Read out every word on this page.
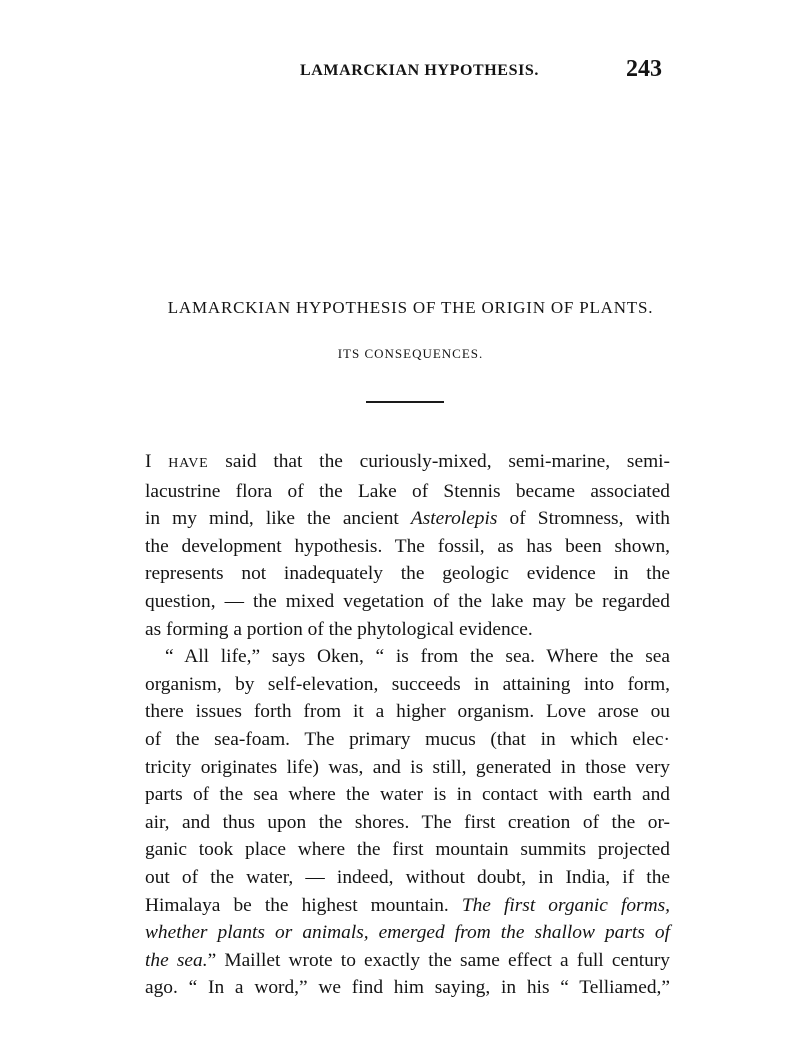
LAMARCKIAN HYPOTHESIS.	243
LAMARCKIAN HYPOTHESIS OF THE ORIGIN OF PLANTS.
ITS CONSEQUENCES.
I HAVE said that the curiously-mixed, semi-marine, semi-
lacustrine flora of the Lake of Stennis became associated
in my mind, like the ancient Asterolepis of Stromness, with
the development hypothesis. The fossil, as has been shown,
represents not inadequately the geologic evidence in the
question, — the mixed vegetation of the lake may be regarded
as forming a portion of the phytological evidence.
“ All life,” says Oken, “ is from the sea. Where the sea
organism, by self-elevation, succeeds in attaining into form,
there issues forth from it a higher organism. Love arose ou
of the sea-foam. The primary mucus (that in which elec·
tricity originates life) was, and is still, generated in those very
parts of the sea where the water is in contact with earth and
air, and thus upon the shores. The first creation of the or-
ganic took place where the first mountain summits projected
out of the water, — indeed, without doubt, in India, if the
Himalaya be the highest mountain. The first organic forms,
whether plants or animals, emerged from the shallow parts of
the sea.” Maillet wrote to exactly the same effect a full century
ago. “ In a word,” we find him saying, in his “ Telliamed,”
